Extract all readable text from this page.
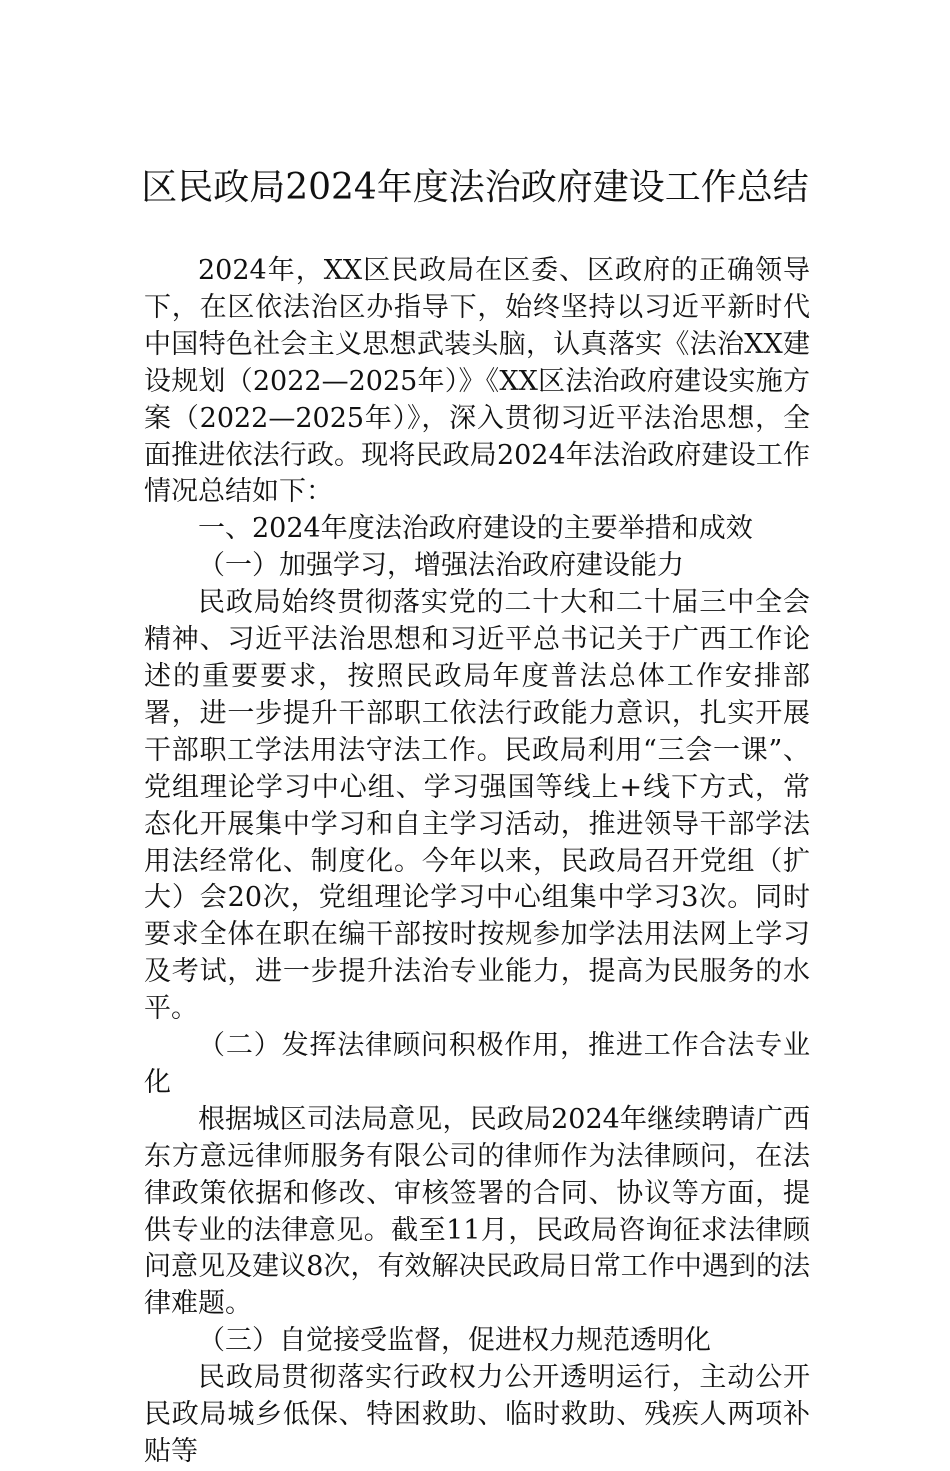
区民政局2024年度法治政府建设工作总结

2024年，XX区民政局在区委、区政府的正确领导下，在区依法治区办指导下，始终坚持以习近平新时代中国特色社会主义思想武装头脑，认真落实《法治XX建设规划（2022—2025年）》《XX区法治政府建设实施方案（2022—2025年）》，深入贯彻习近平法治思想，全面推进依法行政。现将民政局2024年法治政府建设工作情况总结如下：

一、2024年度法治政府建设的主要举措和成效

（一）加强学习，增强法治政府建设能力

民政局始终贯彻落实党的二十大和二十届三中全会精神、习近平法治思想和习近平总书记关于广西工作论述的重要要求，按照民政局年度普法总体工作安排部署，进一步提升干部职工依法行政能力意识，扎实开展干部职工学法用法守法工作。民政局利用“三会一课”、党组理论学习中心组、学习强国等线上+线下方式，常态化开展集中学习和自主学习活动，推进领导干部学法用法经常化、制度化。今年以来，民政局召开党组（扩大）会20次，党组理论学习中心组集中学习3次。同时要求全体在职在编干部按时按规参加学法用法网上学习及考试，进一步提升法治专业能力，提高为民服务的水平。

（二）发挥法律顾问积极作用，推进工作合法专业化

根据城区司法局意见，民政局2024年继续聘请广西东方意远律师服务有限公司的律师作为法律顾问，在法律政策依据和修改、审核签署的合同、协议等方面，提供专业的法律意见。截至11月，民政局咨询征求法律顾问意见及建议8次，有效解决民政局日常工作中遇到的法律难题。

（三）自觉接受监督，促进权力规范透明化

民政局贯彻落实行政权力公开透明运行，主动公开民政局城乡低保、特困救助、临时救助、残疾人两项补贴等
